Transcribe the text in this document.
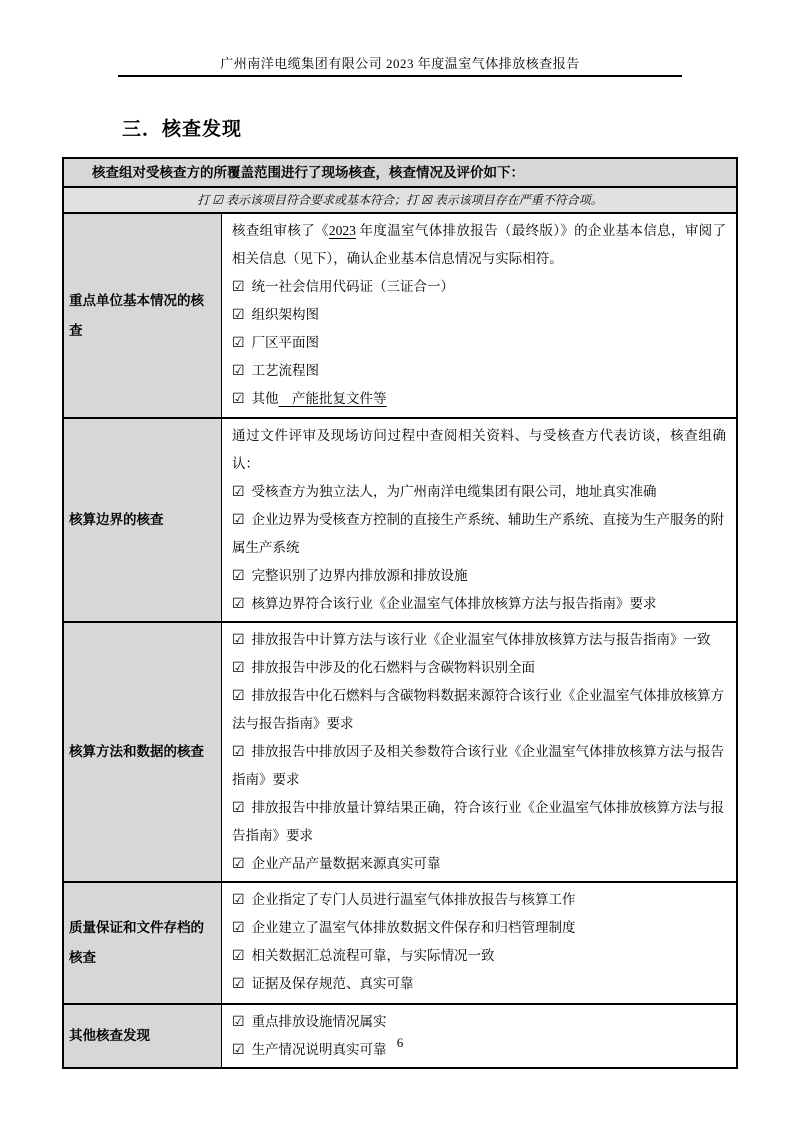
广州南洋电缆集团有限公司 2023 年度温室气体排放核查报告
三．核查发现
核查组对受核查方的所覆盖范围进行了现场核查，核查情况及评价如下：
打 ☑ 表示该项目符合要求或基本符合；打 ☒ 表示该项目存在严重不符合项。
重点单位基本情况的核查
核查组审核了《2023 年度温室气体排放报告（最终版）》的企业基本信息，审阅了相关信息（见下），确认企业基本信息情况与实际相符。
☑ 统一社会信用代码证（三证合一）
☑ 组织架构图
☑ 厂区平面图
☑ 工艺流程图
☑ 其他　产能批复文件等
核算边界的核查
通过文件评审及现场访问过程中查阅相关资料、与受核查方代表访谈，核查组确认：
☑ 受核查方为独立法人，为广州南洋电缆集团有限公司，地址真实准确
☑ 企业边界为受核查方控制的直接生产系统、辅助生产系统、直接为生产服务的附属生产系统
☑ 完整识别了边界内排放源和排放设施
☑ 核算边界符合该行业《企业温室气体排放核算方法与报告指南》要求
核算方法和数据的核查
☑ 排放报告中计算方法与该行业《企业温室气体排放核算方法与报告指南》一致
☑ 排放报告中涉及的化石燃料与含碳物料识别全面
☑ 排放报告中化石燃料与含碳物料数据来源符合该行业《企业温室气体排放核算方法与报告指南》要求
☑ 排放报告中排放因子及相关参数符合该行业《企业温室气体排放核算方法与报告指南》要求
☑ 排放报告中排放量计算结果正确，符合该行业《企业温室气体排放核算方法与报告指南》要求
☑ 企业产品产量数据来源真实可靠
质量保证和文件存档的核查
☑ 企业指定了专门人员进行温室气体排放报告与核算工作
☑ 企业建立了温室气体排放数据文件保存和归档管理制度
☑ 相关数据汇总流程可靠，与实际情况一致
☑ 证据及保存规范、真实可靠
其他核查发现
☑ 重点排放设施情况属实
☑ 生产情况说明真实可靠 6
